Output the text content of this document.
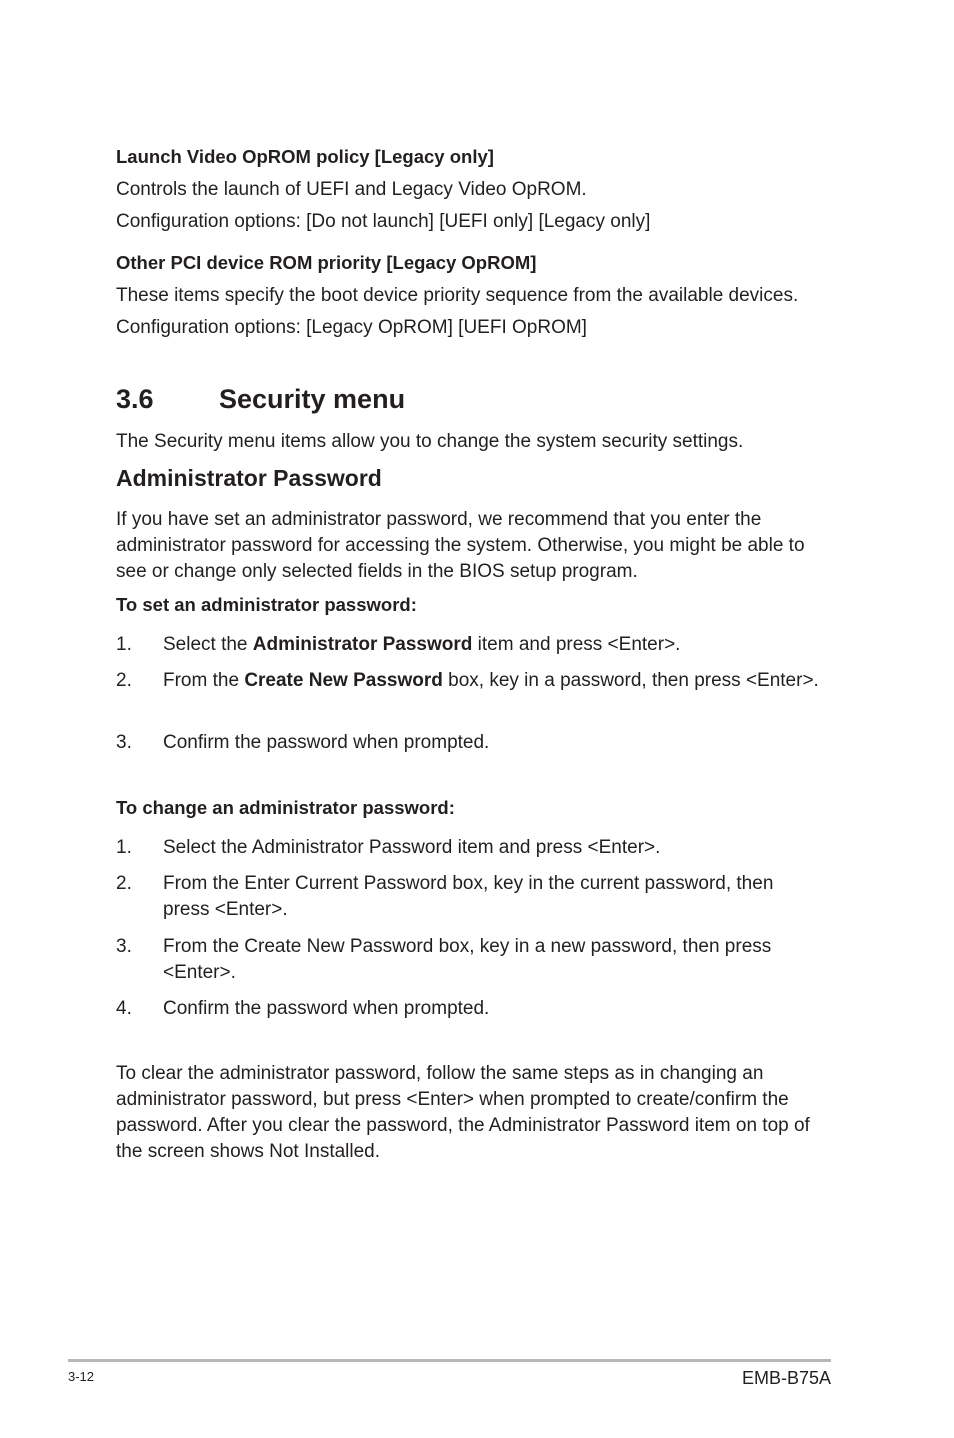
Launch Video OpROM policy [Legacy only]
Controls the launch of UEFI and Legacy Video OpROM.
Configuration options: [Do not launch] [UEFI only] [Legacy only]
Other PCI device ROM priority [Legacy OpROM]
These items specify the boot device priority sequence from the available devices.
Configuration options: [Legacy OpROM] [UEFI OpROM]
3.6 Security menu
The Security menu items allow you to change the system security settings.
Administrator Password
If you have set an administrator password, we recommend that you enter the administrator password for accessing the system. Otherwise, you might be able to see or change only selected fields in the BIOS setup program.
To set an administrator password:
1. Select the Administrator Password item and press <Enter>.
2. From the Create New Password box, key in a password, then press <Enter>.
3. Confirm the password when prompted.
To change an administrator password:
1. Select the Administrator Password item and press <Enter>.
2. From the Enter Current Password box, key in the current password, then press <Enter>.
3. From the Create New Password box, key in a new password, then press <Enter>.
4. Confirm the password when prompted.
To clear the administrator password, follow the same steps as in changing an administrator password, but press <Enter> when prompted to create/confirm the password. After you clear the password, the Administrator Password item on top of the screen shows Not Installed.
3-12	EMB-B75A
